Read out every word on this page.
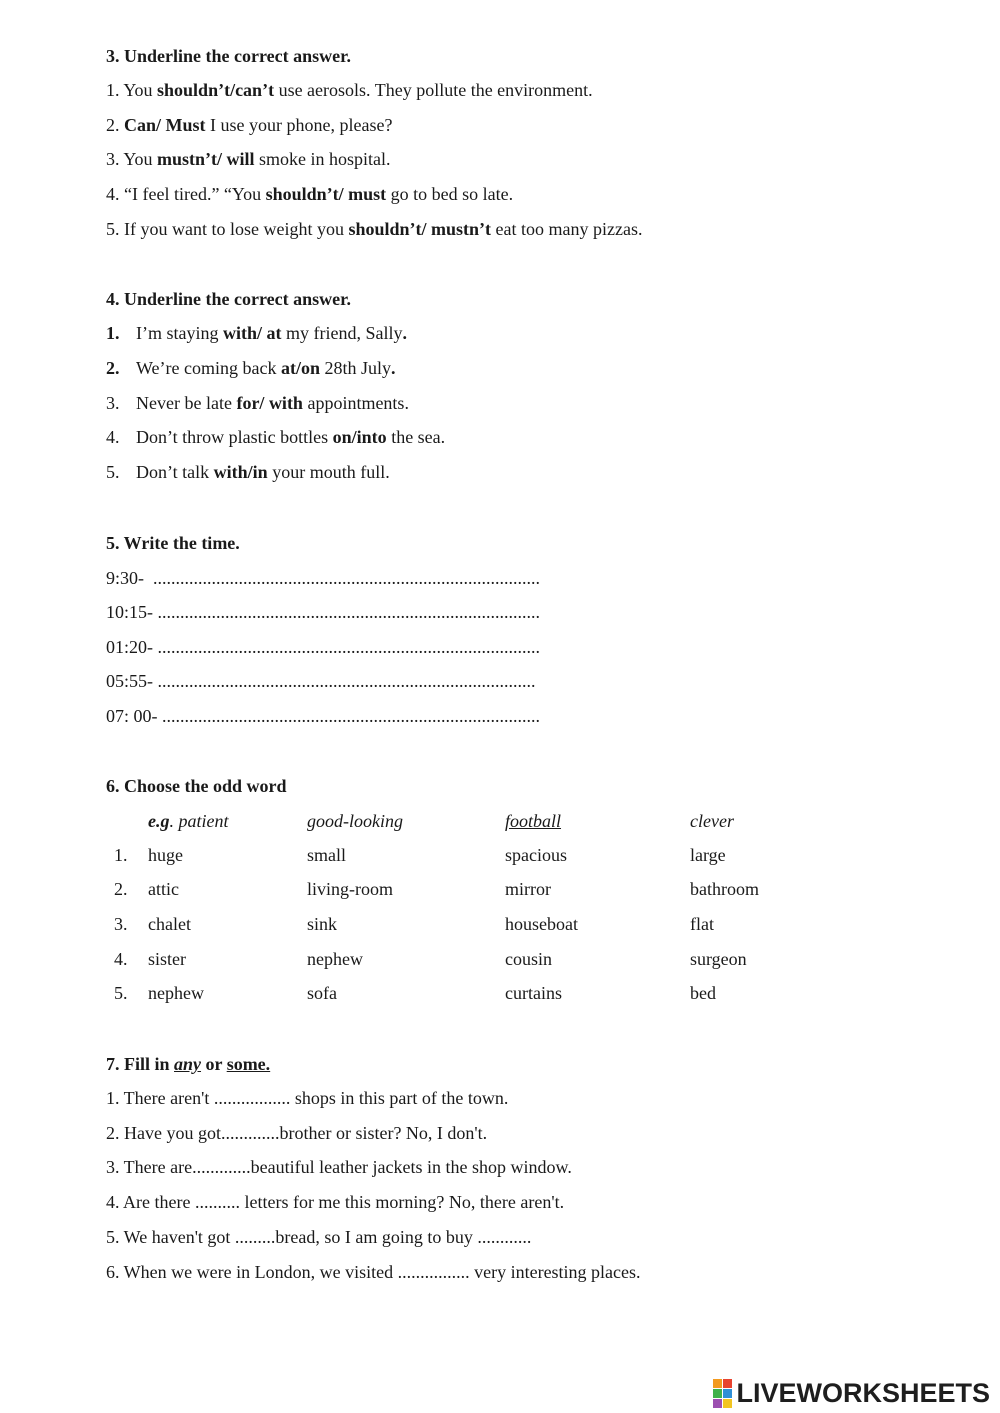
3. Underline the correct answer.
1. You shouldn’t/can’t use aerosols. They pollute the environment.
2. Can/ Must I use your phone, please?
3. You mustn’t/ will smoke in hospital.
4. “I feel tired.” “You shouldn’t/ must go to bed so late.
5. If you want to lose weight you shouldn’t/ mustn’t eat too many pizzas.
4. Underline the correct answer.
1. I’m staying with/ at my friend, Sally.
2. We’re coming back at/on 28th July.
3. Never be late for/ with appointments.
4. Don’t throw plastic bottles on/into the sea.
5. Don’t talk with/in your mouth full.
5. Write the time.
9:30-  ......................................................................................
10:15- .....................................................................................
01:20- .....................................................................................
05:55- ....................................................................................
07: 00- ....................................................................................
6. Choose the odd word
e.g. patient	good-looking	football	clever
1. huge	small	spacious	large
2. attic	living-room	mirror	bathroom
3. chalet	sink	houseboat	flat
4. sister	nephew	cousin	surgeon
5. nephew	sofa	curtains	bed
7. Fill in any or some.
1. There aren't ................. shops in this part of the town.
2. Have you got.............brother or sister? No, I don't.
3. There are.............beautiful leather jackets in the shop window.
4. Are there .......... letters for me this morning? No, there aren't.
5. We haven't got .........bread, so I am going to buy ............
6. When we were in London, we visited ................ very interesting places.
LIVEWORKSHEETS
